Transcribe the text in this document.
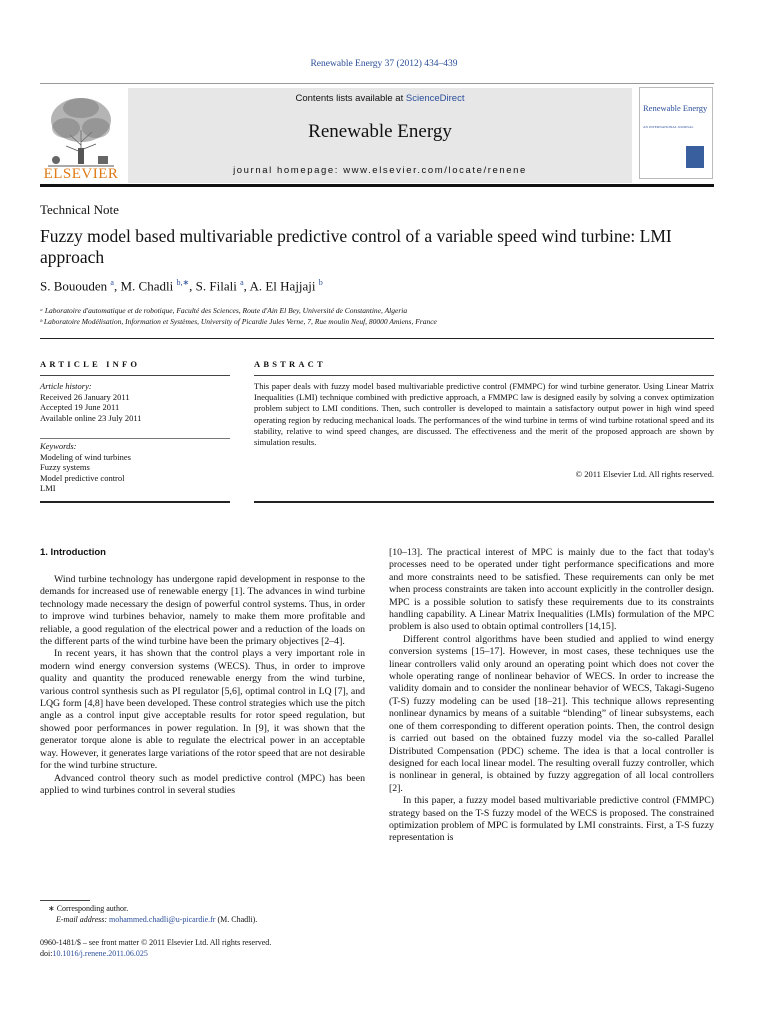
Renewable Energy 37 (2012) 434–439
ELSEVIER
Contents lists available at ScienceDirect
Renewable Energy
journal homepage: www.elsevier.com/locate/renene
Renewable Energy
AN INTERNATIONAL JOURNAL
Technical Note
Fuzzy model based multivariable predictive control of a variable speed wind turbine: LMI approach
S. Bououden $^a$, M. Chadli $^{b,∗}$, S. Filali $^a$, A. El Hajjaji $^b$
ᵃ Laboratoire d'automatique et de robotique, Faculté des Sciences, Route d'Ain El Bey, Université de Constantine, Algeria
ᵇ Laboratoire Modélisation, Information et Systèmes, University of Picardie Jules Verne, 7, Rue moulin Neuf, 80000 Amiens, France
ARTICLE INFO	ABSTRACT
Article history:
Received 26 January 2011
Accepted 19 June 2011
Available online 23 July 2011
Keywords:
Modeling of wind turbines
Fuzzy systems
Model predictive control
LMI
This paper deals with fuzzy model based multivariable predictive control (FMMPC) for wind turbine generator. Using Linear Matrix Inequalities (LMI) technique combined with predictive approach, a FMMPC law is designed easily by solving a convex optimization problem subject to LMI conditions. Then, such controller is developed to maintain a satisfactory output power in high wind speed operating region by reducing mechanical loads. The performances of the wind turbine in terms of wind turbine rotational speed and its stability, relative to wind speed changes, are discussed. The effectiveness and the merit of the proposed approach are shown by simulation results.
© 2011 Elsevier Ltd. All rights reserved.
1. Introduction

Wind turbine technology has undergone rapid development in response to the demands for increased use of renewable energy [1]. The advances in wind turbine technology made necessary the design of powerful control systems. Thus, in order to improve wind turbines behavior, namely to make them more profitable and reliable, a good regulation of the electrical power and a reduction of the loads on the different parts of the wind turbine have been the primary objectives [2–4].

In recent years, it has shown that the control plays a very important role in modern wind energy conversion systems (WECS). Thus, in order to improve quality and quantity the produced renewable energy from the wind turbine, various control synthesis such as PI regulator [5,6], optimal control in LQ [7], and LQG form [4,8] have been developed. These control strategies which use the pitch angle as a control input give acceptable results for rotor speed regulation, but showed poor performances in power regulation. In [9], it was shown that the generator torque alone is able to regulate the electrical power in an acceptable way. However, it generates large variations of the rotor speed that are not desirable for the wind turbine structure.

Advanced control theory such as model predictive control (MPC) has been applied to wind turbines control in several studies

[10–13]. The practical interest of MPC is mainly due to the fact that today's processes need to be operated under tight performance specifications and more and more constraints need to be satisfied. These requirements can only be met when process constraints are taken into account explicitly in the controller design. MPC is a possible solution to satisfy these requirements due to its constraints handling capability. A Linear Matrix Inequalities (LMIs) formulation of the MPC problem is also used to obtain optimal controllers [14,15].

Different control algorithms have been studied and applied to wind energy conversion systems [15–17]. However, in most cases, these techniques use the linear controllers valid only around an operating point which does not cover the whole operating range of nonlinear behavior of WECS. In order to increase the validity domain and to consider the nonlinear behavior of WECS, Takagi-Sugeno (T-S) fuzzy modeling can be used [18–21]. This technique allows representing nonlinear dynamics by means of a suitable “blending” of linear subsystems, each one of them corresponding to different operation points. Then, the control design is carried out based on the obtained fuzzy model via the so-called Parallel Distributed Compensation (PDC) scheme. The idea is that a local controller is designed for each local linear model. The resulting overall fuzzy controller, which is nonlinear in general, is obtained by fuzzy aggregation of all local controllers [2].

In this paper, a fuzzy model based multivariable predictive control (FMMPC) strategy based on the T-S fuzzy model of the WECS is proposed. The constrained optimization problem of MPC is formulated by LMI constraints. First, a T-S fuzzy representation is

∗ Corresponding author.
E-mail address: mohammed.chadli@u-picardie.fr (M. Chadli).
0960-1481/$ – see front matter © 2011 Elsevier Ltd. All rights reserved.
doi:10.1016/j.renene.2011.06.025
